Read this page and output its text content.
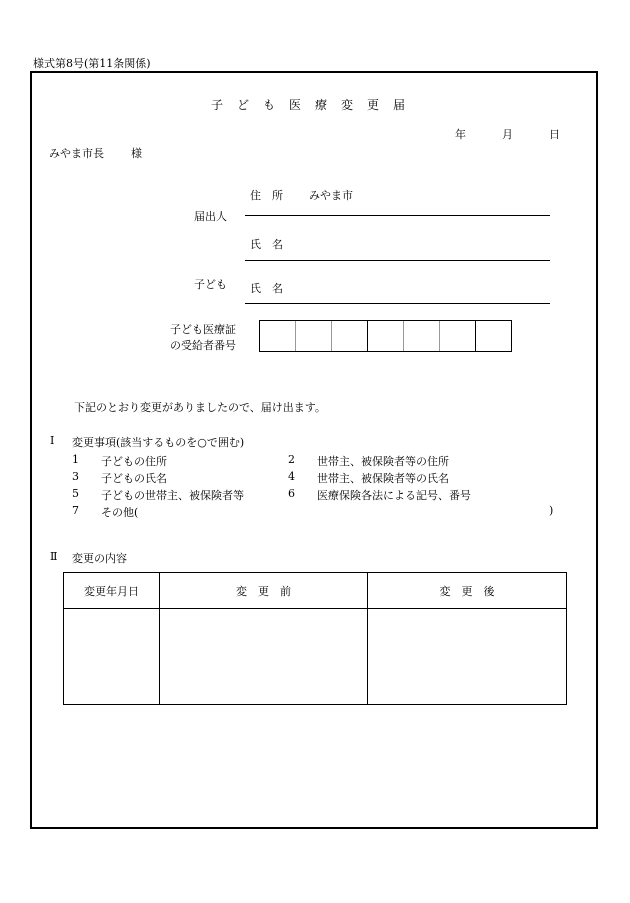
様式第8号(第11条関係)
子ども医療変更届
年	月	日
みやま市長 様
届出人
住　所 みやま市
氏　名
子ども 氏　名
子ども医療証
の受給者番号
下記のとおり変更がありましたので、届け出ます。
Ⅰ 変更事項(該当するものを○で囲む)
1 子どもの住所	2 世帯主、被保険者等の住所
3 子どもの氏名	4 世帯主、被保険者等の氏名
5 子どもの世帯主、被保険者等	6 医療保険各法による記号、番号
7 その他(	)
Ⅱ 変更の内容
変更年月日	変　更　前	変　更　後
